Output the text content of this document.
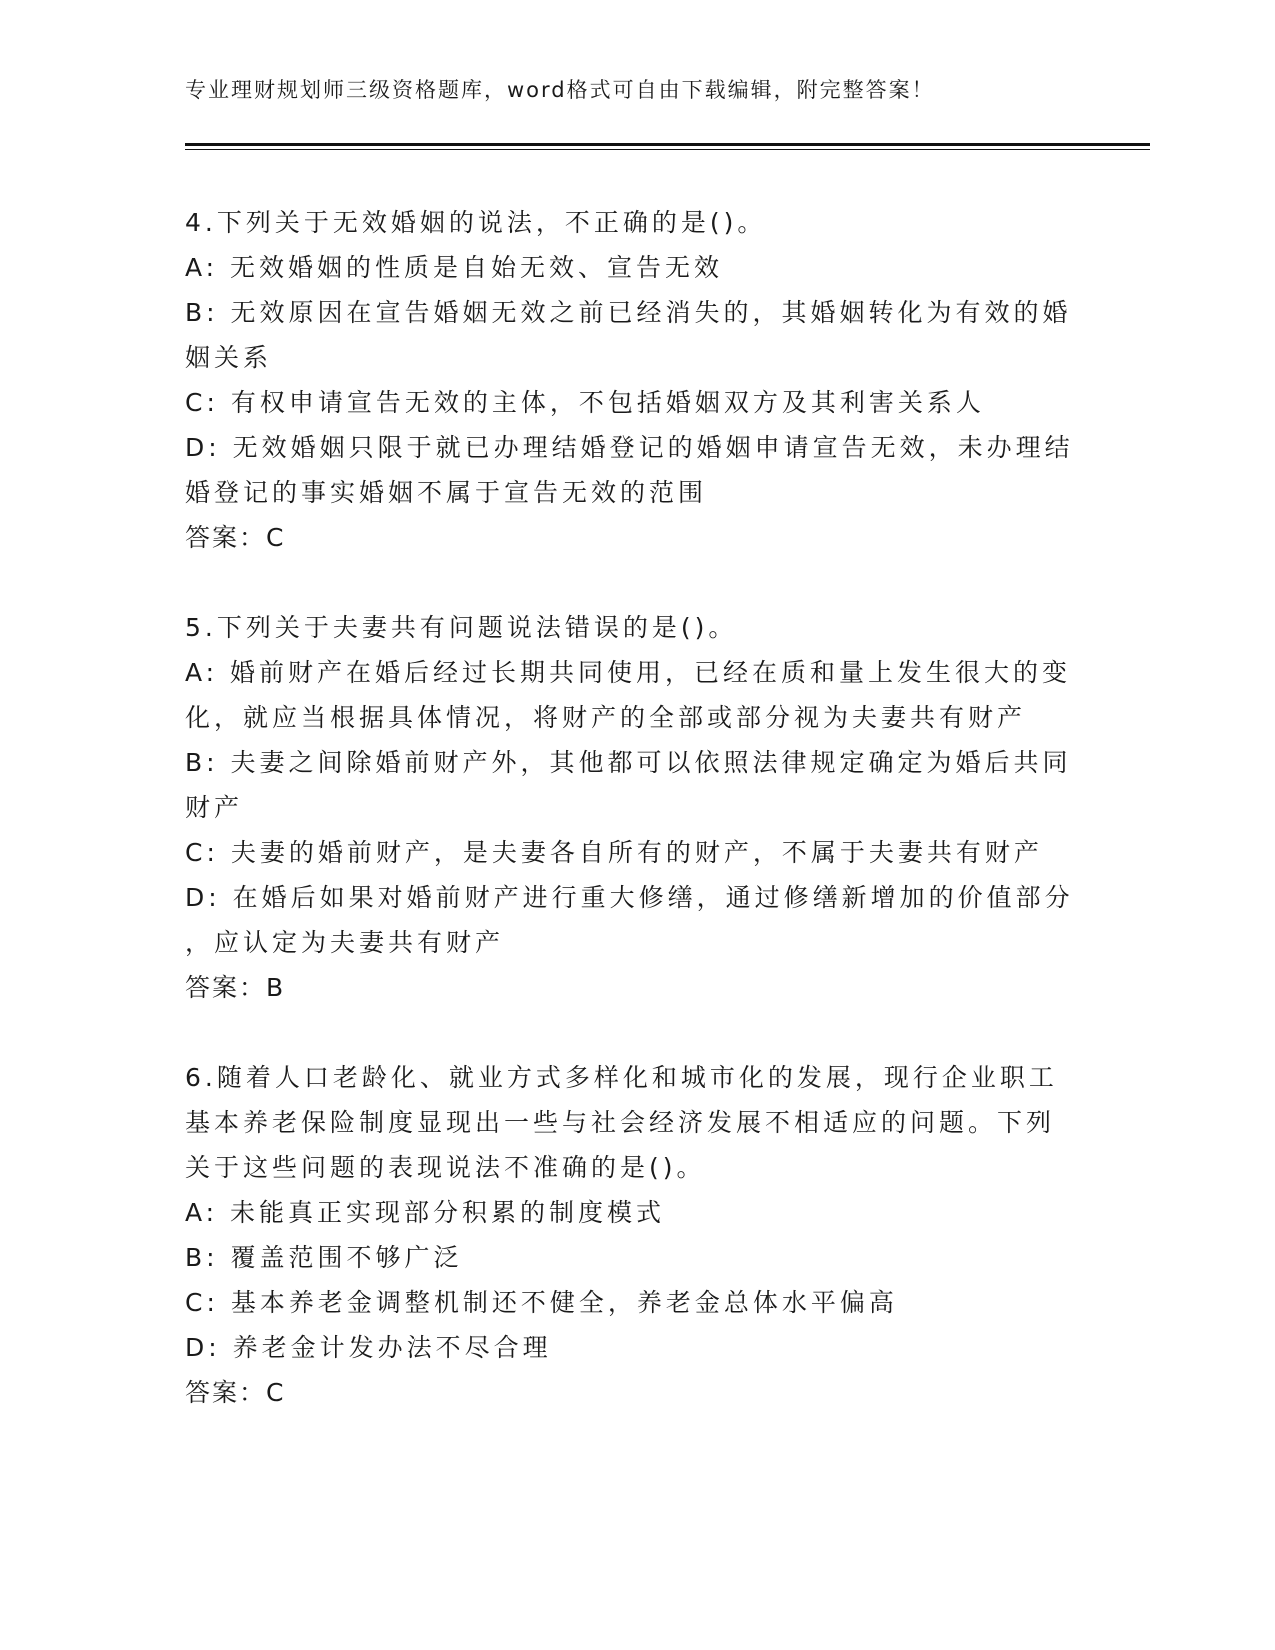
专业理财规划师三级资格题库，word格式可自由下载编辑，附完整答案！
4.下列关于无效婚姻的说法，不正确的是()。
A: 无效婚姻的性质是自始无效、宣告无效
B: 无效原因在宣告婚姻无效之前已经消失的，其婚姻转化为有效的婚
姻关系
C: 有权申请宣告无效的主体，不包括婚姻双方及其利害关系人
D: 无效婚姻只限于就已办理结婚登记的婚姻申请宣告无效，未办理结
婚登记的事实婚姻不属于宣告无效的范围
答案：C
5.下列关于夫妻共有问题说法错误的是()。
A: 婚前财产在婚后经过长期共同使用，已经在质和量上发生很大的变
化，就应当根据具体情况，将财产的全部或部分视为夫妻共有财产
B: 夫妻之间除婚前财产外，其他都可以依照法律规定确定为婚后共同
财产
C: 夫妻的婚前财产，是夫妻各自所有的财产，不属于夫妻共有财产
D: 在婚后如果对婚前财产进行重大修缮，通过修缮新增加的价值部分
，应认定为夫妻共有财产
答案：B
6.随着人口老龄化、就业方式多样化和城市化的发展，现行企业职工
基本养老保险制度显现出一些与社会经济发展不相适应的问题。下列
关于这些问题的表现说法不准确的是()。
A: 未能真正实现部分积累的制度模式
B: 覆盖范围不够广泛
C: 基本养老金调整机制还不健全，养老金总体水平偏高
D: 养老金计发办法不尽合理
答案：C
